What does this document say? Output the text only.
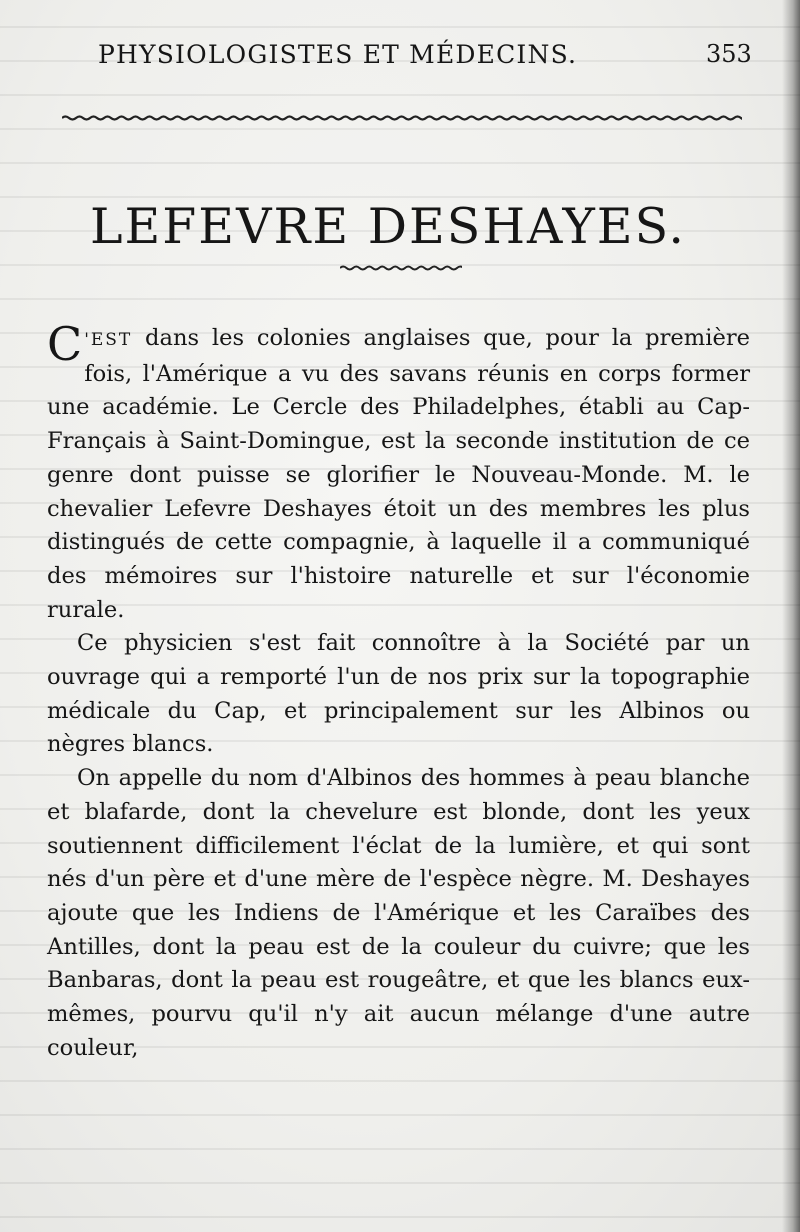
PHYSIOLOGISTES ET MÉDECINS.	353
LEFEVRE DESHAYES.

C 'EST dans les colonies anglaises que, pour la première fois, l'Amérique a vu des savans réunis en corps former une académie. Le Cercle des Philadelphes, établi au Cap-Français à Saint-Domingue, est la seconde institution de ce genre dont puisse se glorifier le Nouveau-Monde. M. le chevalier Lefevre Deshayes étoit un des membres les plus distingués de cette compagnie, à laquelle il a communiqué des mémoires sur l'histoire naturelle et sur l'économie rurale.

Ce physicien s'est fait connoître à la Société par un ouvrage qui a remporté l'un de nos prix sur la topographie médicale du Cap, et principalement sur les Albinos ou nègres blancs.

On appelle du nom d'Albinos des hommes à peau blanche et blafarde, dont la chevelure est blonde, dont les yeux soutiennent difficilement l'éclat de la lumière, et qui sont nés d'un père et d'une mère de l'espèce nègre. M. Deshayes ajoute que les Indiens de l'Amérique et les Caraïbes des Antilles, dont la peau est de la couleur du cuivre; que les Banbaras, dont la peau est rougeâtre, et que les blancs eux-mêmes, pourvu qu'il n'y ait aucun mélange d'une autre couleur,
